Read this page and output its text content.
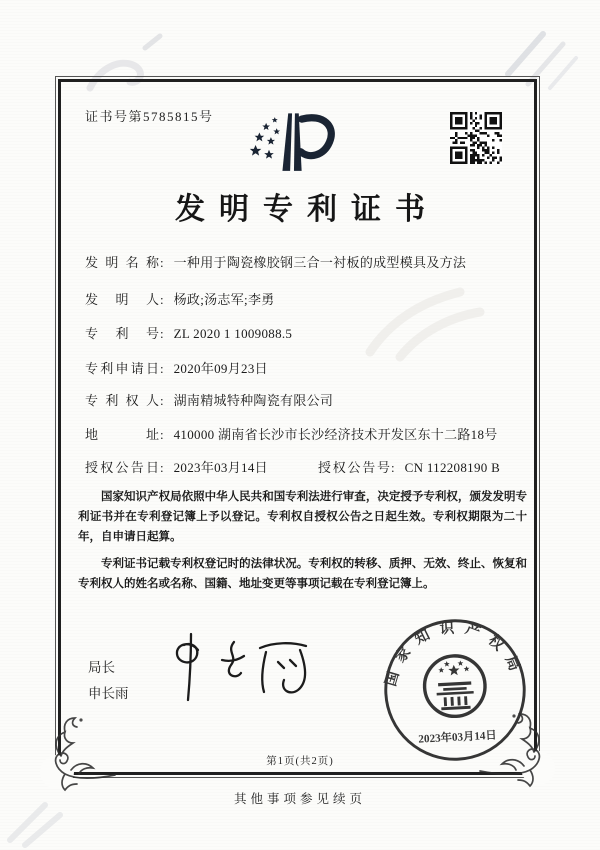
证书号第5785815号
发明专利证书
发明名称: 一种用于陶瓷橡胶钢三合一衬板的成型模具及方法
发明人: 杨政;汤志军;李勇
专利号: ZL 2020 1 1009088.5
专利申请日: 2020年09月23日
专利权人: 湖南精城特种陶瓷有限公司
地址: 410000 湖南省长沙市长沙经济技术开发区东十二路18号
授权公告日: 2023年03月14日	授权公告号: CN 112208190 B

国家知识产权局依照中华人民共和国专利法进行审查，决定授予专利权，颁发发明专利证书并在专利登记簿上予以登记。专利权自授权公告之日起生效。专利权期限为二十年，自申请日起算。

专利证书记载专利权登记时的法律状况。专利权的转移、质押、无效、终止、恢复和专利权人的姓名或名称、国籍、地址变更等事项记载在专利登记簿上。

局长
申长雨
国家知识产权局
2023年03月14日
第1页(共2页)
其他事项参见续页
